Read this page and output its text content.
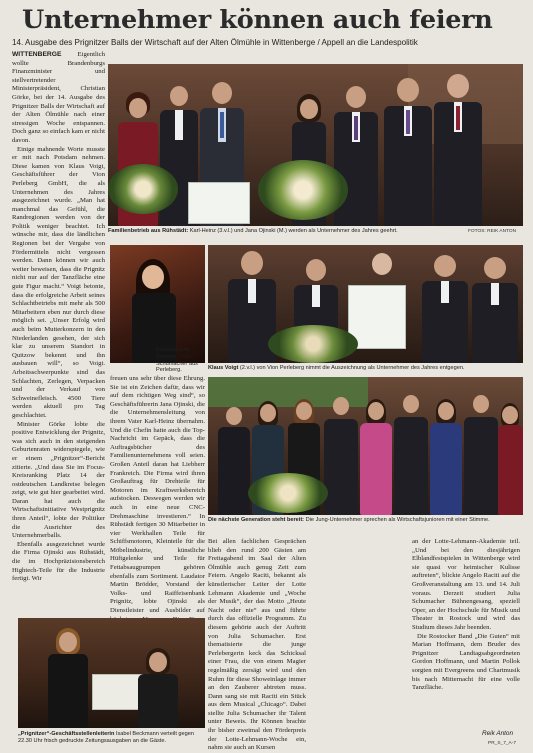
Unternehmer können auch feiern
14. Ausgabe des Prignitzer Balls der Wirtschaft auf der Alten Ölmühle in Wittenberge / Appell an die Landespolitik
Familienbetrieb aus Rühstädt: Karl-Heinz (3.v.l.) und Jana Ojinski (M.) werden als Unternehmer des Jahres geehrt.	FOTOS: REIK ANTON

WITTENBERGE Eigentlich wollte Brandenburgs Finanzminister und stellvertretender Ministerpräsident, Christian Görke, bei der 14. Ausgabe des Prignitzer Balls der Wirtschaft auf der Alten Ölmühle nach einer stressigen Woche entspannen. Doch ganz so einfach kam er nicht davon.

Einige mahnende Worte musste er mit nach Potsdam nehmen. Diese kamen von Klaus Voigt, Geschäftsführer der Vion Perleberg GmbH, die als Unternehmen des Jahres ausgezeichnet wurde. „Man hat manchmal das Gefühl, die Randregionen werden von der Politik weniger beachtet. Ich wünsche mir, dass die ländlichen Regionen bei der Vergabe von Fördermitteln nicht vergessen werden. Dann können wir auch weiter beweisen, dass die Prignitz nicht nur auf der Tanzfläche eine gute Figur macht.“ Voigt betonte, dass die erfolgreiche Arbeit seines Schlachtbetriebs mit mehr als 500 Mitarbeitern eben nur durch diese möglich sei. „Unser Erfolg wird auch beim Mutterkonzern in den Niederlanden gesehen, der sich klar zu unserem Standort in Quitzow bekennt und ihn ausbauen will“, so Voigt. Arbeitsschwerpunkte sind das Schlachten, Zerlegen, Verpacken und der Verkauf von Schweinefleisch. 4500 Tiere werden aktuell pro Tag geschlachtet.

Minister Görke lobte die positive Entwicklung der Prignitz, was sich auch in den steigenden Geburtenraten widerspiegele, wie er einem „Prignitzer“-Bericht zitierte. „Und dass Sie im Focus-Kreisranking Platz 14 der ostdeutschen Landkreise belegen zeigt, wie gut hier gearbeitet wird. Daran hat auch die Wirtschaftsinitiative Westprignitz ihren Anteil“, lobte der Politiker die Ausrichter des Unternehmerballs.

Ebenfalls ausgezeichnet wurde die Firma Ojinski aus Rühstädt, die im Hochpräzisionsbereich Hightech-Teile für die Industrie fertigt. Wir

Fantastische Stimme: Julia Schumacher aus Perleberg.	Klaus Voigt (2.v.l.) von Vion Perleberg nimmt die Auszeichnung als Unternehmer des Jahres entgegen.

freuen uns sehr über diese Ehrung. Sie ist ein Zeichen dafür, dass wir auf dem richtigen Weg sind“, so Geschäftsführerin Jana Ojinski, die die Unternehmensleitung von ihrem Vater Karl-Heinz übernahm. Und die Chefin hatte auch die Top-Nachricht im Gepäck, dass die Auftragsbücher des Familienunternehmens voll seien. Großen Anteil daran hat Liebherr Frankreich. Die Firma wird ihren Großauftrag für Drehteile für Motoren im Kraftwerksbereich aufstocken. Deswegen werden wir auch in eine neue CNC-Drehmaschine investieren.“ In Rühstädt fertigen 30 Mitarbeiter in vier Werkhallen Teile für Schiffsmotoren, Kleinteile für die Möbelindustrie, künstliche Hüftgelenke und Teile für Fettabsaugpumpen gehören ebenfalls zum Sortiment. Laudator Martin Brödder, Vorstand der Volks- und Raiffeisenbank Prignitz, lobte Ojinski als Dienstleister und Ausbilder auf

Die nächste Generation steht bereit: Die Jung-Unternehmer sprechen als Wirtschaftsjunioren mit einer Stimme.

Bei allen fachlichen Gesprächen blieb den rund 200 Gästen am Freitagabend im Saal der Alten Ölmühle auch genug Zeit zum Feiern. Angelo Raciti, bekannt als künstlerischer Leiter der Lotte Lehmann Akademie und „Woche der Musik“, der das Motto „Heute Nacht oder nie“ aus und führte durch das offizielle Programm. Zu diesem gehörte auch der Auftritt von Julia Schumacher. Erst thematisierte die junge Perlebergerin keck das Schicksal einer Frau, die von einem Magier regelmäßig zersägt wird und den Ruhm für diese Showeinlage immer an den Zauberer abtreten muss. Dann sang sie mit Raciti ein Stück aus dem Musical „Chicago“. Dabei stellte Julia Schumacher ihr Talent unter Beweis. Ihr Können brachte ihr bisher zweimal den Förderpreis der Lotte-Lehmann-Woche ein, nahm sie auch an Kursen

an der Lotte-Lehmann-Akademie teil. „Und bei den diesjährigen Elblandfestspielen in Wittenberge wird sie quasi vor heimischer Kulisse auftreten“, blickte Angelo Raciti auf die Großveranstaltung am 13. und 14. Juli voraus. Derzeit studiert Julia Schumacher Bühnengesang, speziell Oper, an der Hochschule für Musik und Theater in Rostock und wird das Studium dieses Jahr beenden.

Die Rostocker Band „Die Guten“ mit Marian Hoffmann, dem Bruder des Prignitzer Landtagsabgeordneten Gordon Hoffmann, und Martin Pollok sorgten mit Evergreens und Chartmusik bis nach Mitternacht für eine volle Tanzfläche.

Reik Anton
PR_S_7_A-7
„Prignitzer“-Geschäftsstellenleiterin Isabel Beckmann verteilt gegen 22.30 Uhr frisch gedruckte Zeitungsausgaben an die Gäste.
